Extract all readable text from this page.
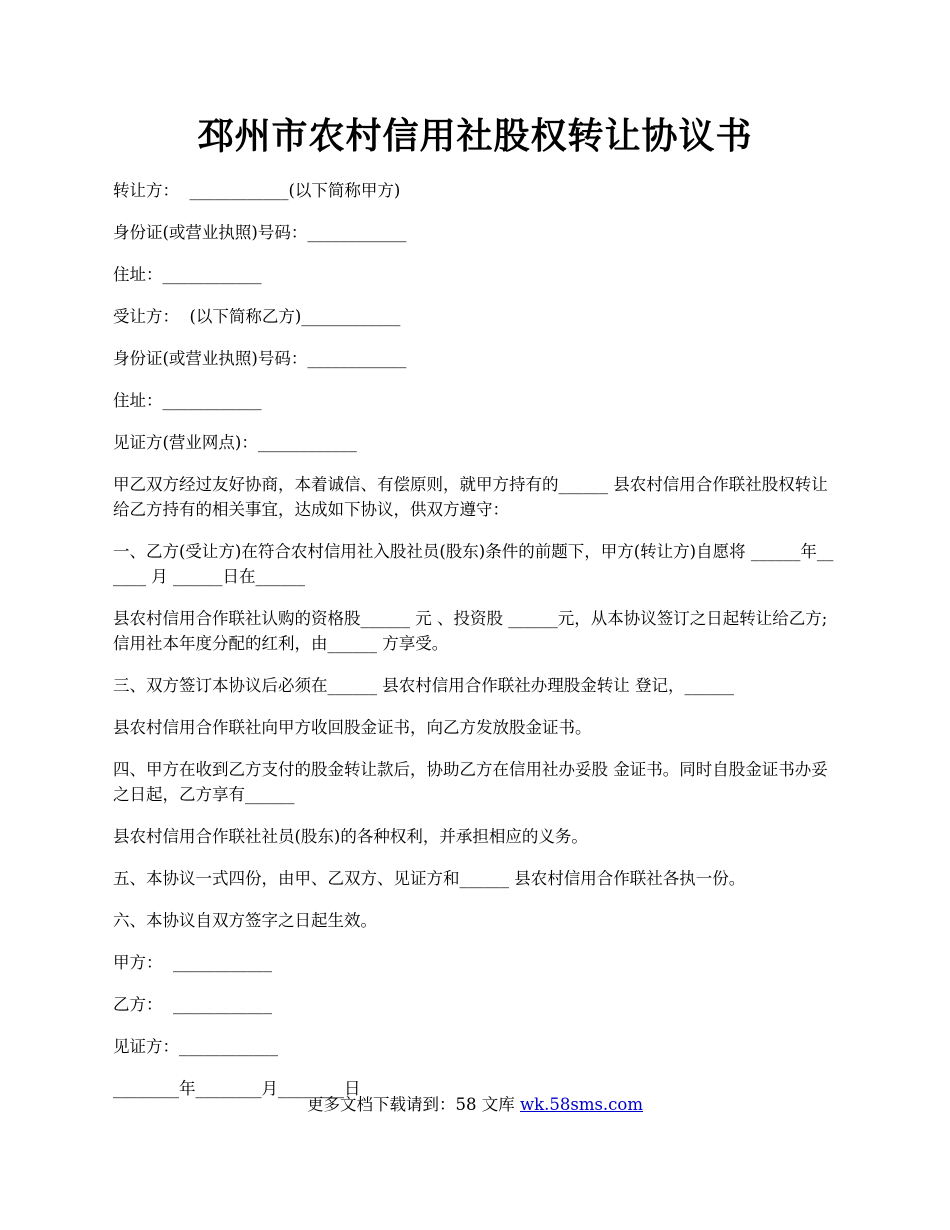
邳州市农村信用社股权转让协议书

转让方：  ____________(以下简称甲方)

身份证(或营业执照)号码：____________

住址：____________

受让方：  (以下简称乙方)____________

身份证(或营业执照)号码：____________

住址：____________

见证方(营业网点)：____________

甲乙双方经过友好协商，本着诚信、有偿原则，就甲方持有的______ 县农村信用合作联社股权转让给乙方持有的相关事宜，达成如下协议，供双方遵守：

一、乙方(受让方)在符合农村信用社入股社员(股东)条件的前题下，甲方(转让方)自愿将 ______年______ 月 ______日在______

县农村信用合作联社认购的资格股______ 元 、投资股 ______元，从本协议签订之日起转让给乙方;信用社本年度分配的红利，由______ 方享受。

三、双方签订本协议后必须在______ 县农村信用合作联社办理股金转让 登记，______

县农村信用合作联社向甲方收回股金证书，向乙方发放股金证书。

四、甲方在收到乙方支付的股金转让款后，协助乙方在信用社办妥股 金证书。同时自股金证书办妥之日起，乙方享有______

县农村信用合作联社社员(股东)的各种权利，并承担相应的义务。

五、本协议一式四份，由甲、乙双方、见证方和______ 县农村信用合作联社各执一份。

六、本协议自双方签字之日起生效。

甲方：  ____________

乙方：  ____________

见证方：____________

________年________月________日

更多文档下载请到：58 文库 wk.58sms.com
